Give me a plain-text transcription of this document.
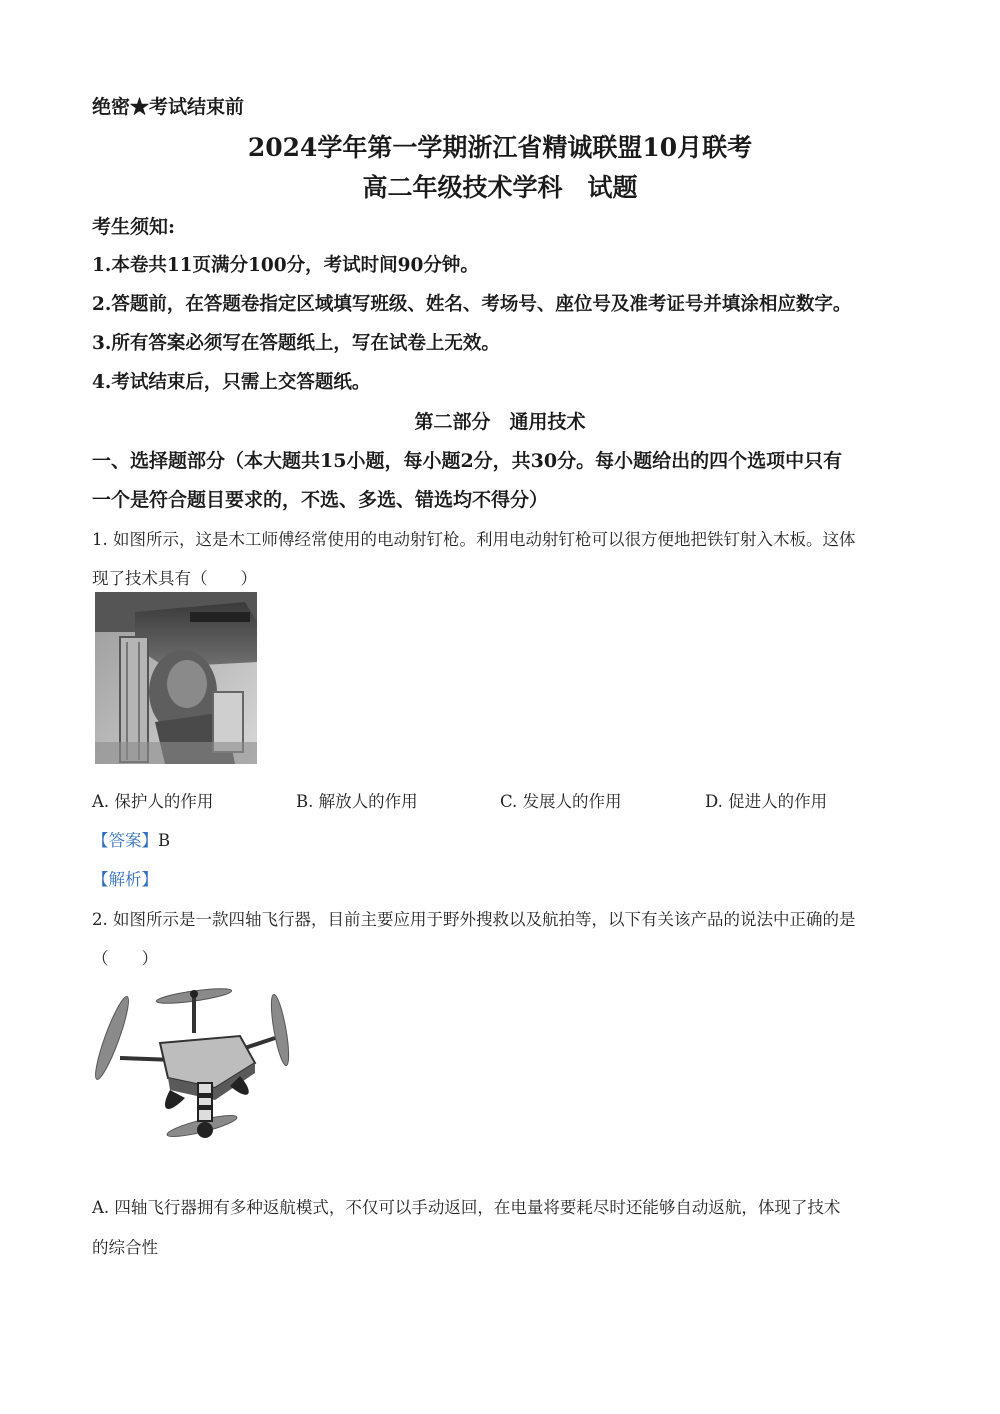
绝密★考试结束前
2024学年第一学期浙江省精诚联盟10月联考
高二年级技术学科　试题
考生须知:
1.本卷共11页满分100分，考试时间90分钟。
2.答题前，在答题卷指定区域填写班级、姓名、考场号、座位号及准考证号并填涂相应数字。
3.所有答案必须写在答题纸上，写在试卷上无效。
4.考试结束后，只需上交答题纸。
第二部分　通用技术
一、选择题部分（本大题共15小题，每小题2分，共30分。每小题给出的四个选项中只有
一个是符合题目要求的，不选、多选、错选均不得分）
1. 如图所示，这是木工师傅经常使用的电动射钉枪。利用电动射钉枪可以很方便地把铁钉射入木板。这体
现了技术具有（　　）
A. 保护人的作用	B. 解放人的作用	C. 发展人的作用	D. 促进人的作用
【答案】B
【解析】
2. 如图所示是一款四轴飞行器，目前主要应用于野外搜救以及航拍等，以下有关该产品的说法中正确的是
（　　）
A. 四轴飞行器拥有多种返航模式，不仅可以手动返回，在电量将要耗尽时还能够自动返航，体现了技术
的综合性
